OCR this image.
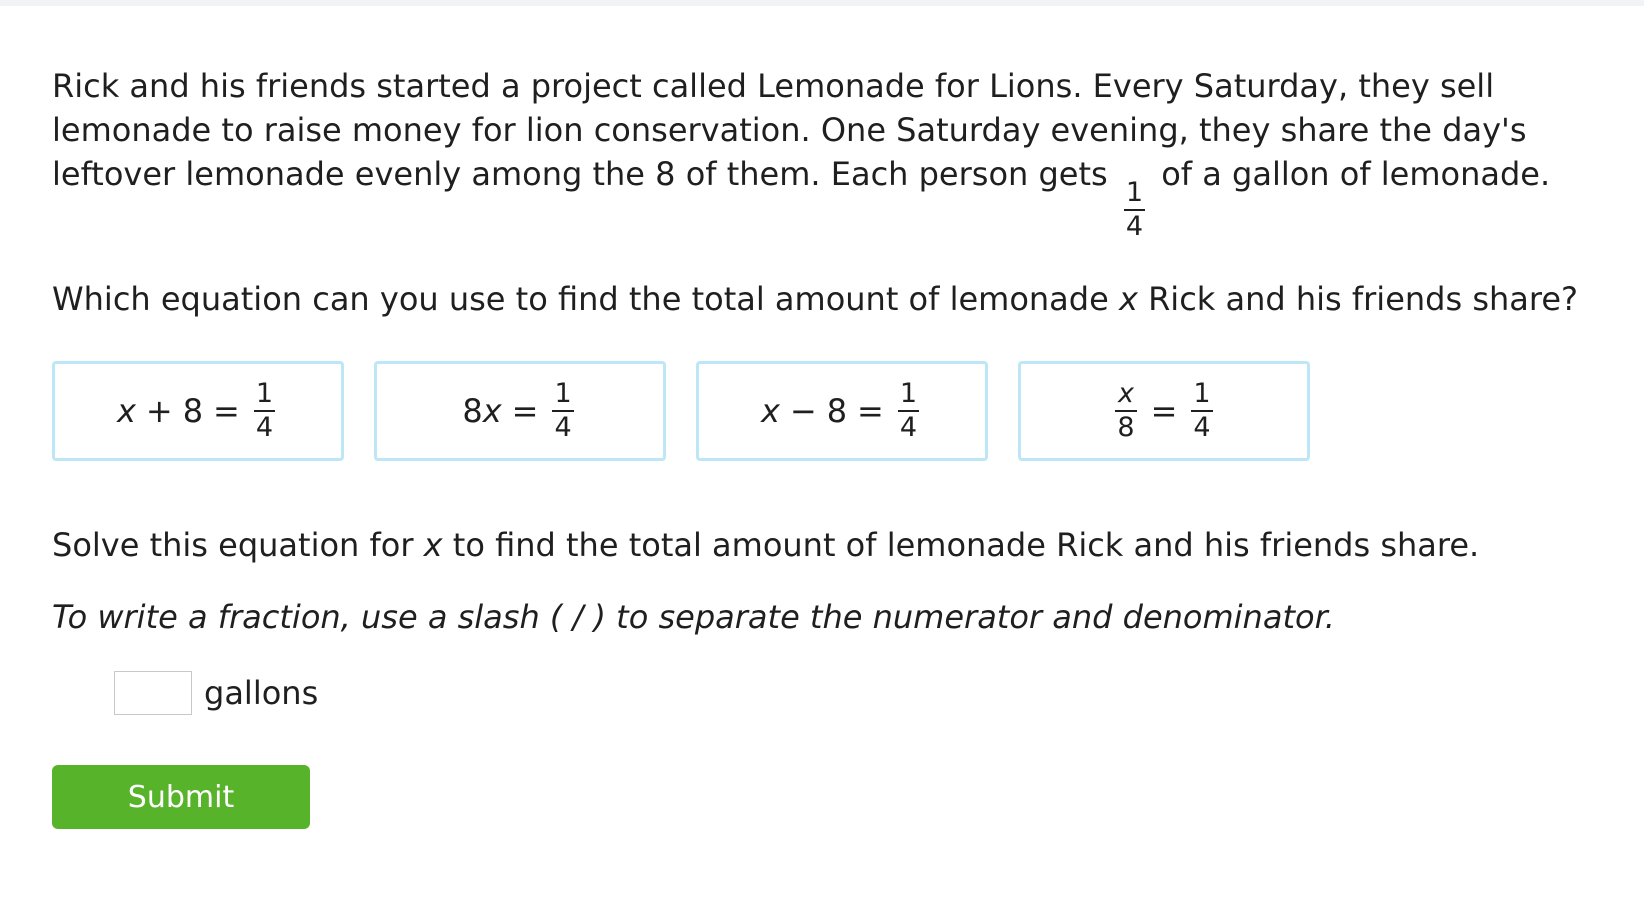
Rick and his friends started a project called Lemonade for Lions. Every Saturday, they sell lemonade to raise money for lion conservation. One Saturday evening, they share the day's leftover lemonade evenly among the 8 of them. Each person gets
$\frac{1}{4}$
of a gallon of lemonade.

Which equation can you use to find the total amount of lemonade x Rick and his friends share?

$x + 8 = \frac{1}{4}$	8 $x = \frac{1}{4}$	$x - 8 = \frac{1}{4}$	$\frac{x}{8} = \frac{1}{4}$

Solve this equation for x to find the total amount of lemonade Rick and his friends share.

To write a fraction, use a slash ( / ) to separate the numerator and denominator.

gallons
Submit
